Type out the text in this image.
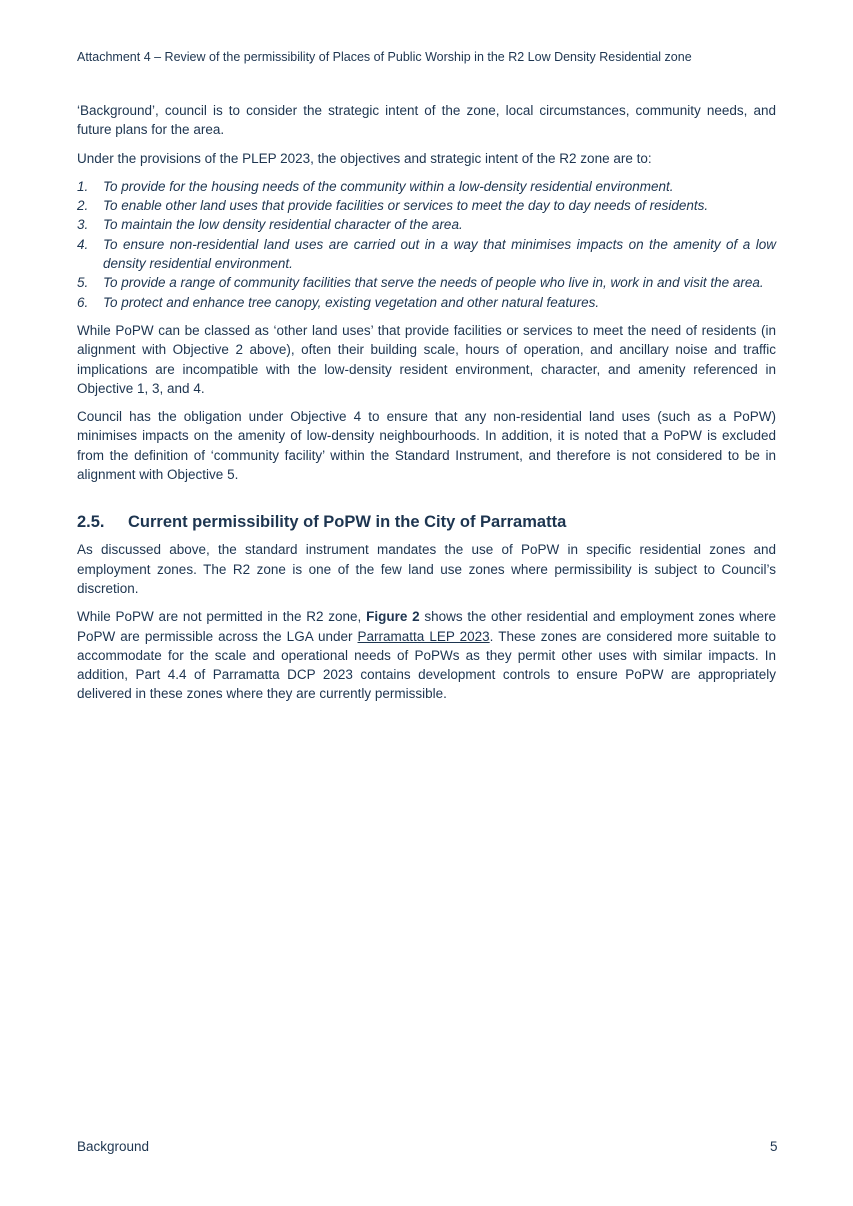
Attachment 4 – Review of the permissibility of Places of Public Worship in the R2 Low Density Residential zone

‘Background’, council is to consider the strategic intent of the zone, local circumstances, community needs, and future plans for the area.

Under the provisions of the PLEP 2023, the objectives and strategic intent of the R2 zone are to:

1. To provide for the housing needs of the community within a low-density residential environment.
2. To enable other land uses that provide facilities or services to meet the day to day needs of residents.
3. To maintain the low density residential character of the area.
4. To ensure non-residential land uses are carried out in a way that minimises impacts on the amenity of a low density residential environment.
5. To provide a range of community facilities that serve the needs of people who live in, work in and visit the area.
6. To protect and enhance tree canopy, existing vegetation and other natural features.

While PoPW can be classed as ‘other land uses’ that provide facilities or services to meet the need of residents (in alignment with Objective 2 above), often their building scale, hours of operation, and ancillary noise and traffic implications are incompatible with the low-density resident environment, character, and amenity referenced in Objective 1, 3, and 4.

Council has the obligation under Objective 4 to ensure that any non-residential land uses (such as a PoPW) minimises impacts on the amenity of low-density neighbourhoods. In addition, it is noted that a PoPW is excluded from the definition of ‘community facility’ within the Standard Instrument, and therefore is not considered to be in alignment with Objective 5.

2.5. Current permissibility of PoPW in the City of Parramatta

As discussed above, the standard instrument mandates the use of PoPW in specific residential zones and employment zones. The R2 zone is one of the few land use zones where permissibility is subject to Council’s discretion.

While PoPW are not permitted in the R2 zone, Figure 2 shows the other residential and employment zones where PoPW are permissible across the LGA under Parramatta LEP 2023. These zones are considered more suitable to accommodate for the scale and operational needs of PoPWs as they permit other uses with similar impacts. In addition, Part 4.4 of Parramatta DCP 2023 contains development controls to ensure PoPW are appropriately delivered in these zones where they are currently permissible.

Background	5
